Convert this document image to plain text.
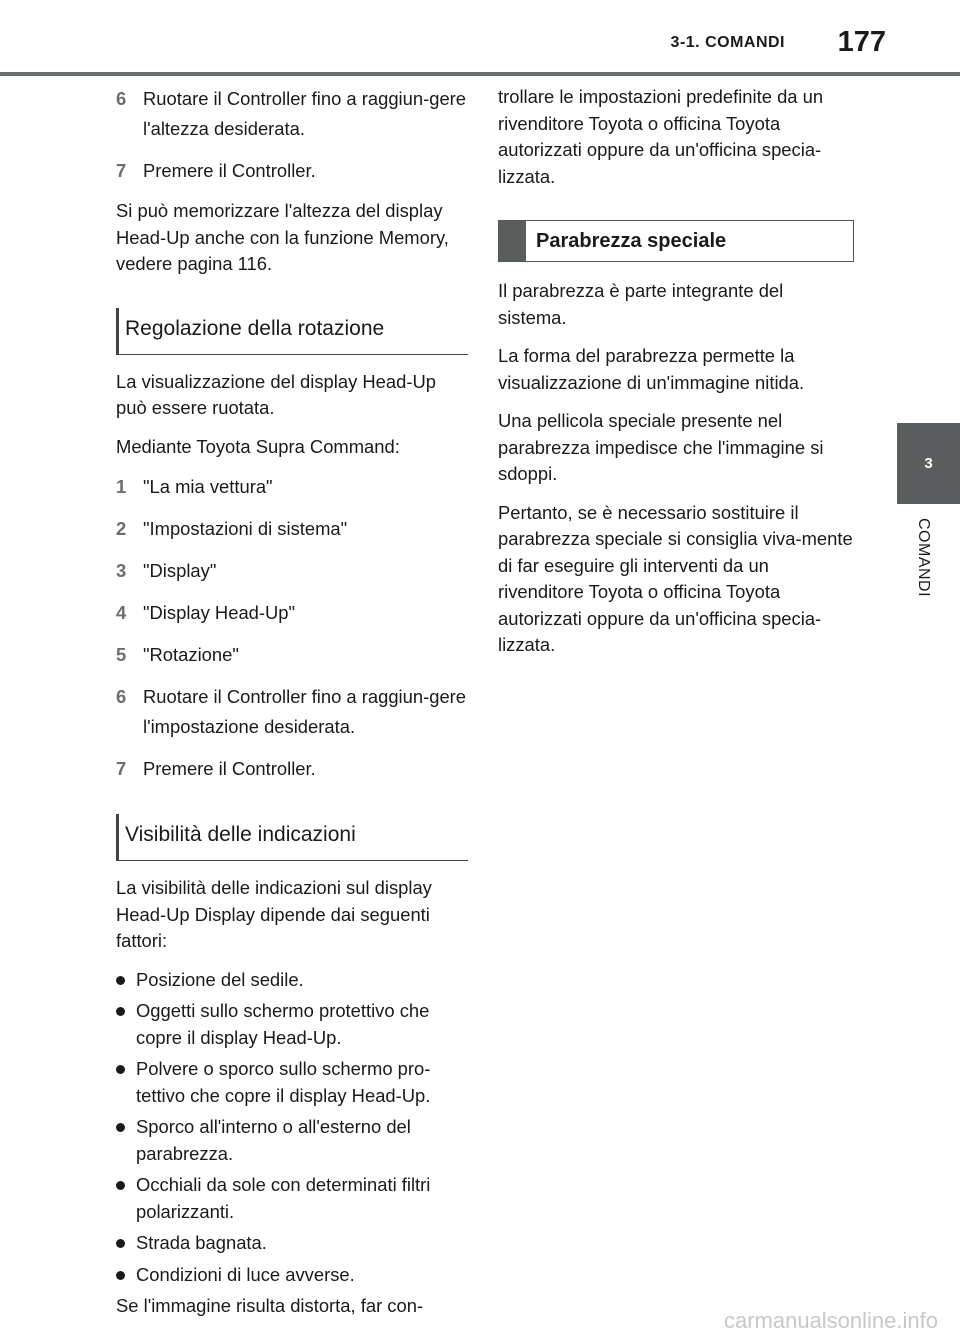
3-1. COMANDI 177
3
COMANDI
6 Ruotare il Controller fino a raggiun-gere l'altezza desiderata.
7 Premere il Controller.

Si può memorizzare l'altezza del display Head-Up anche con la funzione Memory, vedere pagina 116.

Regolazione della rotazione

La visualizzazione del display Head-Up può essere ruotata.

Mediante Toyota Supra Command:

1 "La mia vettura"
2 "Impostazioni di sistema"
3 "Display"
4 "Display Head-Up"
5 "Rotazione"
6 Ruotare il Controller fino a raggiun-gere l'impostazione desiderata.
7 Premere il Controller.
Visibilità delle indicazioni

La visibilità delle indicazioni sul display Head-Up Display dipende dai seguenti fattori:

Posizione del sedile.
Oggetti sullo schermo protettivo che copre il display Head-Up.
Polvere o sporco sullo schermo pro-tettivo che copre il display Head-Up.
Sporco all'interno o all'esterno del parabrezza.
Occhiali da sole con determinati filtri polarizzanti.
Strada bagnata.
Condizioni di luce avverse.

Se l'immagine risulta distorta, far con-

trollare le impostazioni predefinite da un rivenditore Toyota o officina Toyota autorizzati oppure da un'officina specia-lizzata.

Parabrezza speciale

Il parabrezza è parte integrante del sistema.

La forma del parabrezza permette la visualizzazione di un'immagine nitida.

Una pellicola speciale presente nel parabrezza impedisce che l'immagine si sdoppi.

Pertanto, se è necessario sostituire il parabrezza speciale si consiglia viva-mente di far eseguire gli interventi da un rivenditore Toyota o officina Toyota autorizzati oppure da un'officina specia-lizzata.

carmanualsonline.info
